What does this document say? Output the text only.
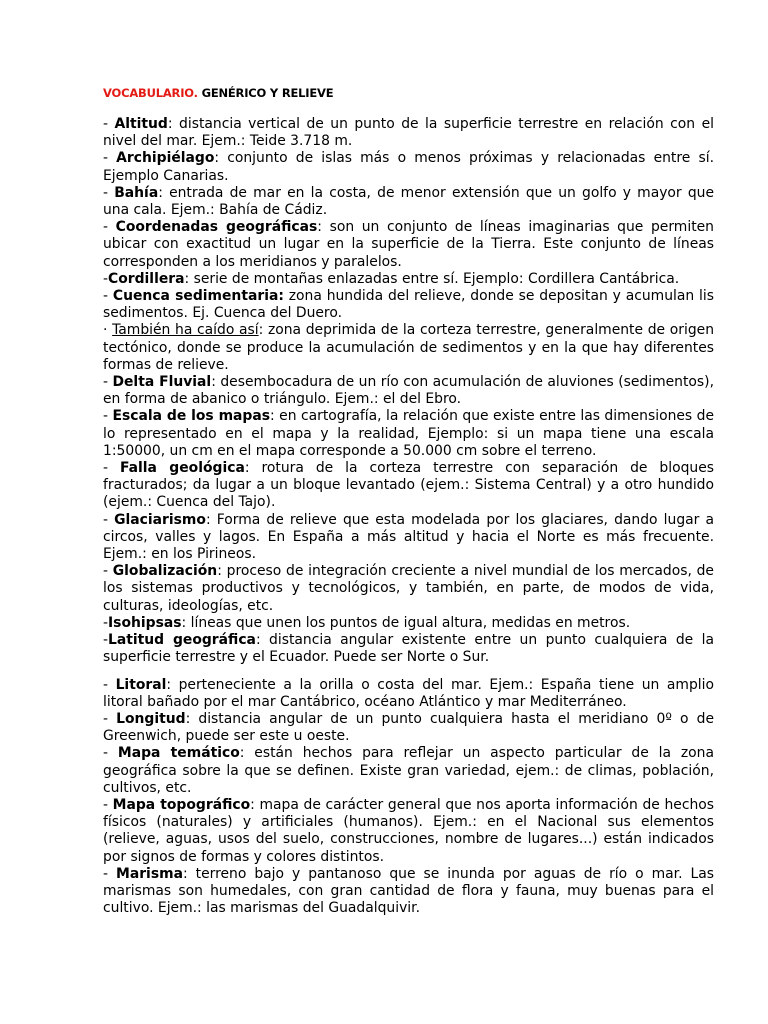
VOCABULARIO. GENÉRICO Y RELIEVE

- Altitud: distancia vertical de un punto de la superficie terrestre en relación con el nivel del mar. Ejem.: Teide 3.718 m.

- Archipiélago: conjunto de islas más o menos próximas y relacionadas entre sí. Ejemplo Canarias.

- Bahía: entrada de mar en la costa, de menor extensión que un golfo y mayor que una cala. Ejem.: Bahía de Cádiz.

- Coordenadas geográficas: son un conjunto de líneas imaginarias que permiten ubicar con exactitud un lugar en la superficie de la Tierra. Este conjunto de líneas corresponden a los meridianos y paralelos.

-Cordillera: serie de montañas enlazadas entre sí. Ejemplo: Cordillera Cantábrica.

- Cuenca sedimentaria: zona hundida del relieve, donde se depositan y acumulan lis sedimentos. Ej. Cuenca del Duero.

· También ha caído así: zona deprimida de la corteza terrestre, generalmente de origen tectónico, donde se produce la acumulación de sedimentos y en la que hay diferentes formas de relieve.

- Delta Fluvial: desembocadura de un río con acumulación de aluviones (sedimentos), en forma de abanico o triángulo. Ejem.: el del Ebro.

- Escala de los mapas: en cartografía, la relación que existe entre las dimensiones de lo representado en el mapa y la realidad, Ejemplo: si un mapa tiene una escala 1:50000, un cm en el mapa corresponde a 50.000 cm sobre el terreno.

- Falla geológica: rotura de la corteza terrestre con separación de bloques fracturados; da lugar a un bloque levantado (ejem.: Sistema Central) y a otro hundido (ejem.: Cuenca del Tajo).

- Glaciarismo: Forma de relieve que esta modelada por los glaciares, dando lugar a circos, valles y lagos. En España a más altitud y hacia el Norte es más frecuente. Ejem.: en los Pirineos.

- Globalización: proceso de integración creciente a nivel mundial de los mercados, de los sistemas productivos y tecnológicos, y también, en parte, de modos de vida, culturas, ideologías, etc.

-Isohipsas: líneas que unen los puntos de igual altura, medidas en metros.

-Latitud geográfica: distancia angular existente entre un punto cualquiera de la superficie terrestre y el Ecuador. Puede ser Norte o Sur.

- Litoral: perteneciente a la orilla o costa del mar. Ejem.: España tiene un amplio litoral bañado por el mar Cantábrico, océano Atlántico y mar Mediterráneo.

- Longitud: distancia angular de un punto cualquiera hasta el meridiano 0º o de Greenwich, puede ser este u oeste.

- Mapa temático: están hechos para reflejar un aspecto particular de la zona geográfica sobre la que se definen. Existe gran variedad, ejem.: de climas, población, cultivos, etc.

- Mapa topográfico: mapa de carácter general que nos aporta información de hechos físicos (naturales) y artificiales (humanos). Ejem.: en el Nacional sus elementos (relieve, aguas, usos del suelo, construcciones, nombre de lugares...) están indicados por signos de formas y colores distintos.

- Marisma: terreno bajo y pantanoso que se inunda por aguas de río o mar. Las marismas son humedales, con gran cantidad de flora y fauna, muy buenas para el cultivo. Ejem.: las marismas del Guadalquivir.
